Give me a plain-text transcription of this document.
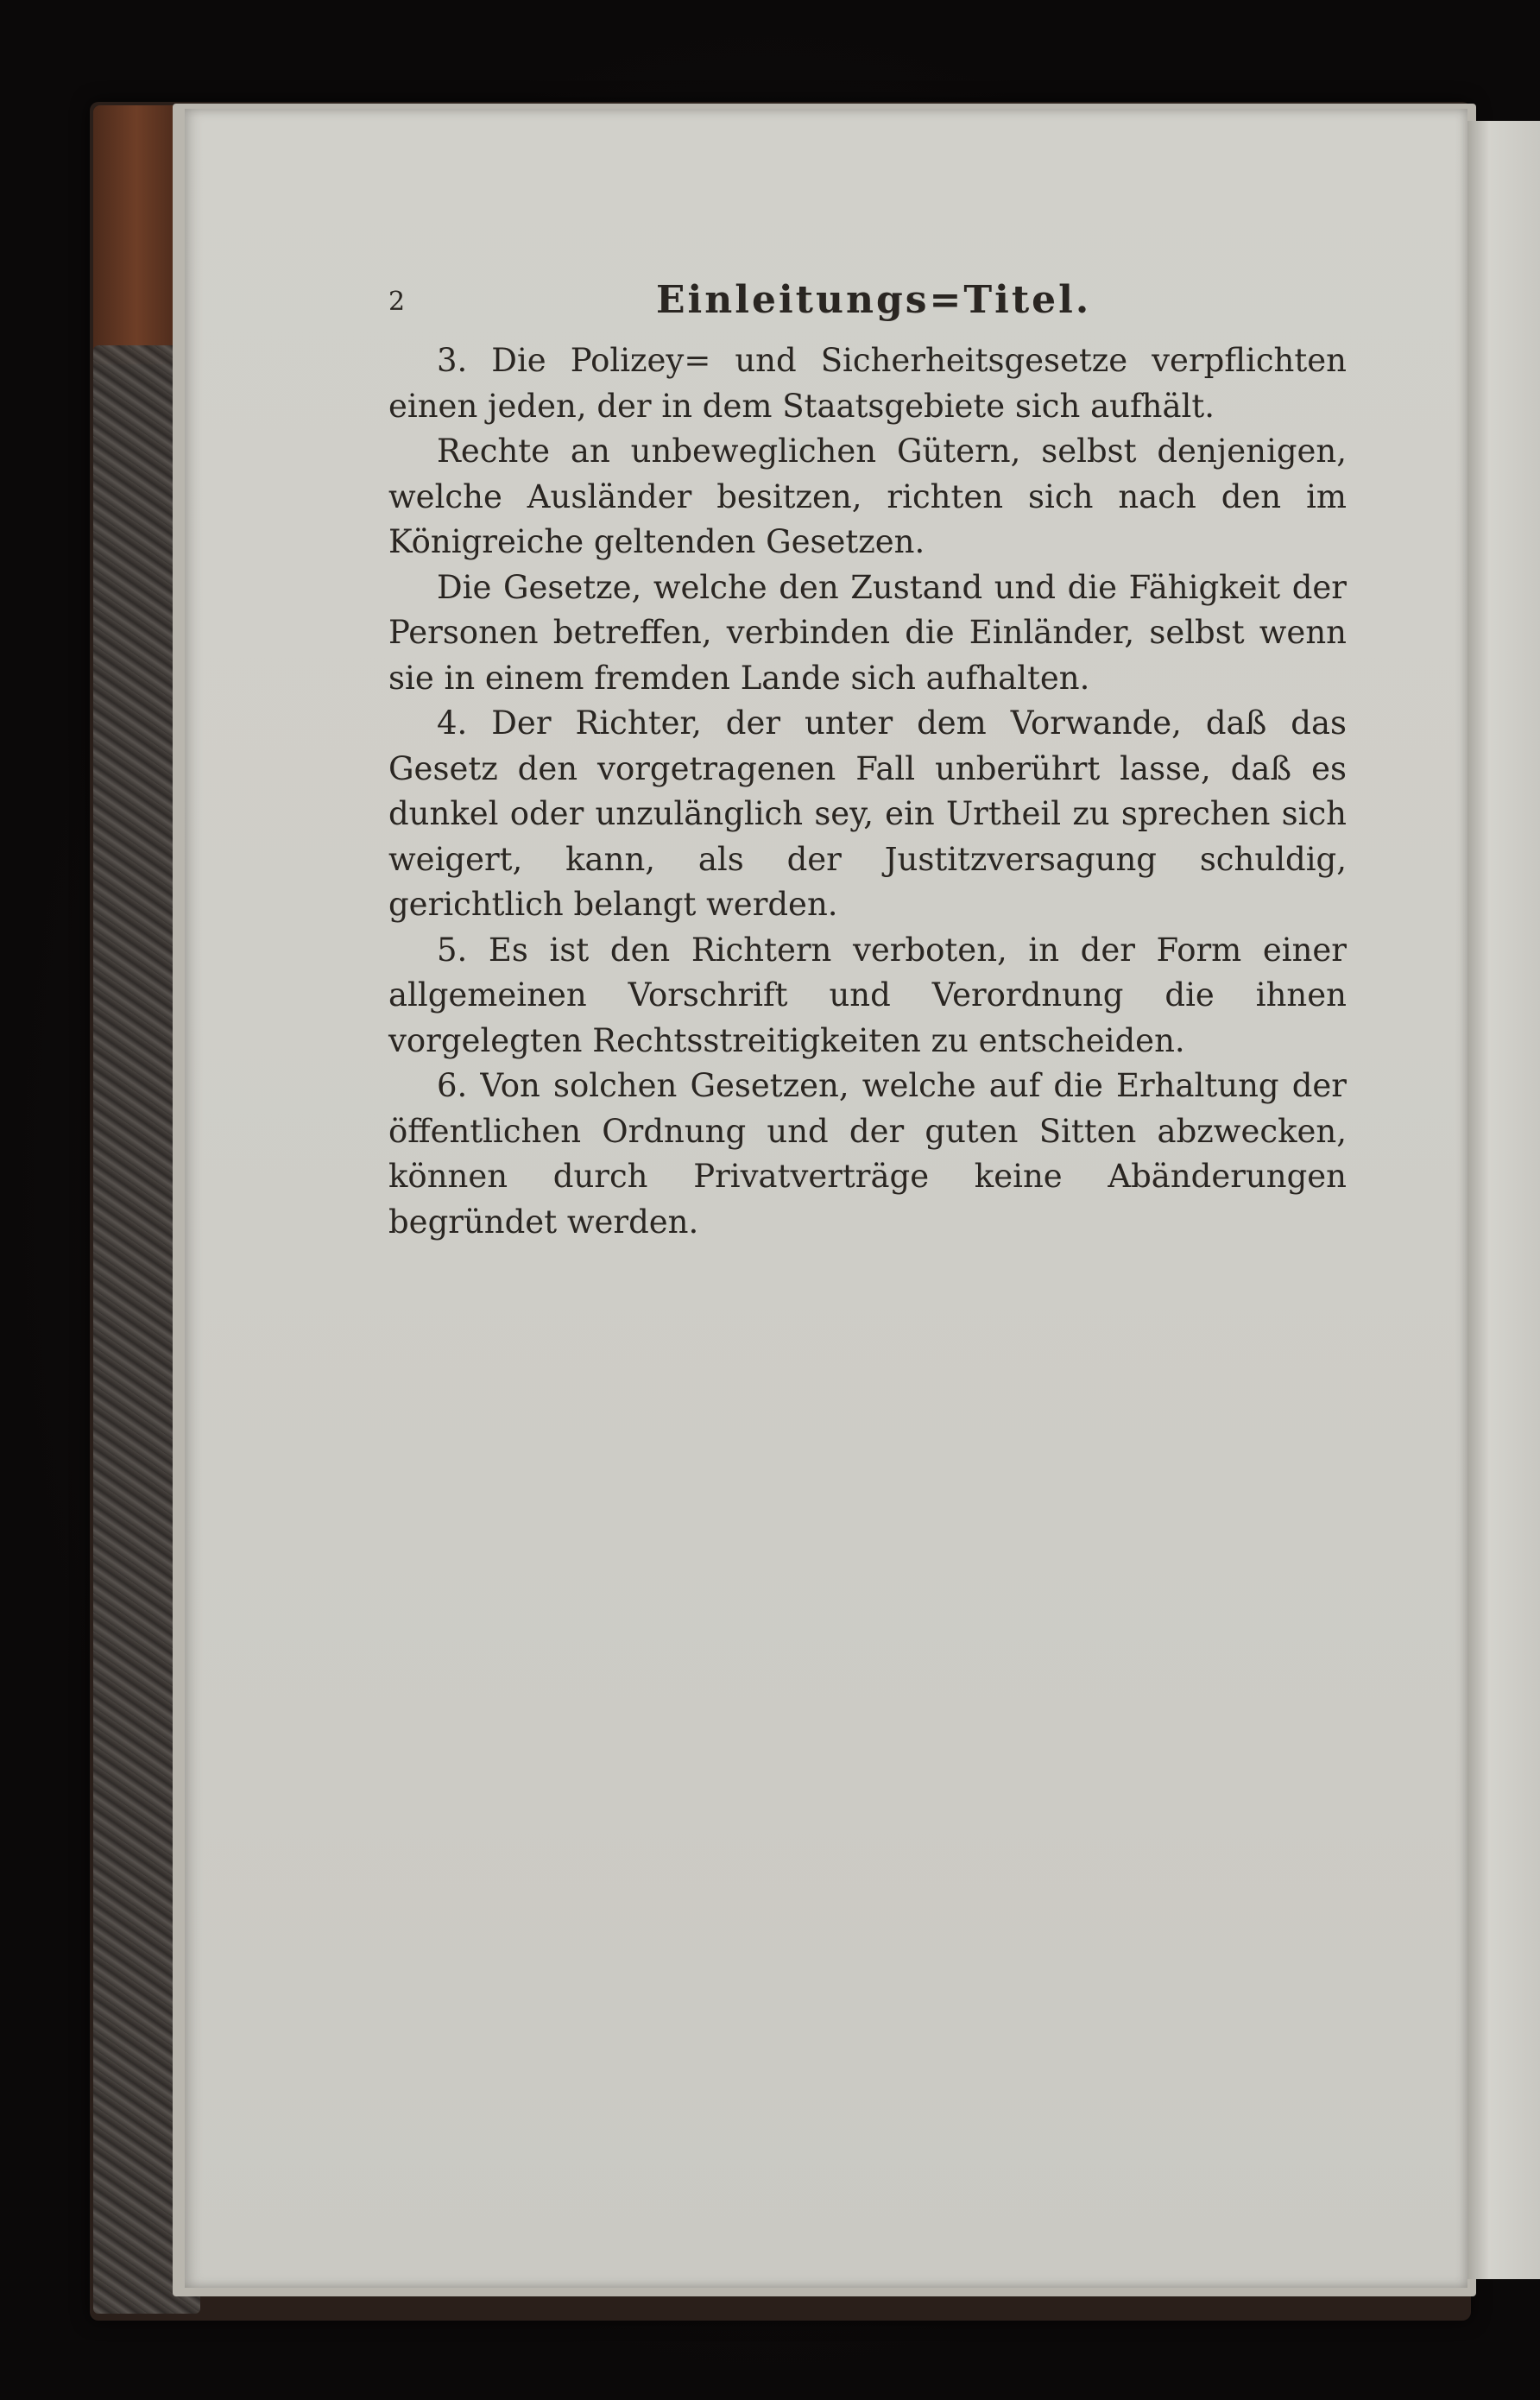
2	Einleitungs=Titel.

3. Die Polizey= und Sicherheitsgesetze verpflichten einen jeden, der in dem Staatsgebiete sich aufhält.

Rechte an unbeweglichen Gütern, selbst denjenigen, welche Ausländer besitzen, richten sich nach den im Königreiche geltenden Gesetzen.

Die Gesetze, welche den Zustand und die Fähigkeit der Personen betreffen, verbinden die Einländer, selbst wenn sie in einem fremden Lande sich aufhalten.

4. Der Richter, der unter dem Vorwande, daß das Gesetz den vorgetragenen Fall unberührt lasse, daß es dunkel oder unzulänglich sey, ein Urtheil zu sprechen sich weigert, kann, als der Justitzversagung schuldig, gerichtlich belangt werden.

5. Es ist den Richtern verboten, in der Form einer allgemeinen Vorschrift und Verordnung die ihnen vorgelegten Rechtsstreitigkeiten zu entscheiden.

6. Von solchen Gesetzen, welche auf die Erhaltung der öffentlichen Ordnung und der guten Sitten abzwecken, können durch Privatverträge keine Abänderungen begründet werden.
